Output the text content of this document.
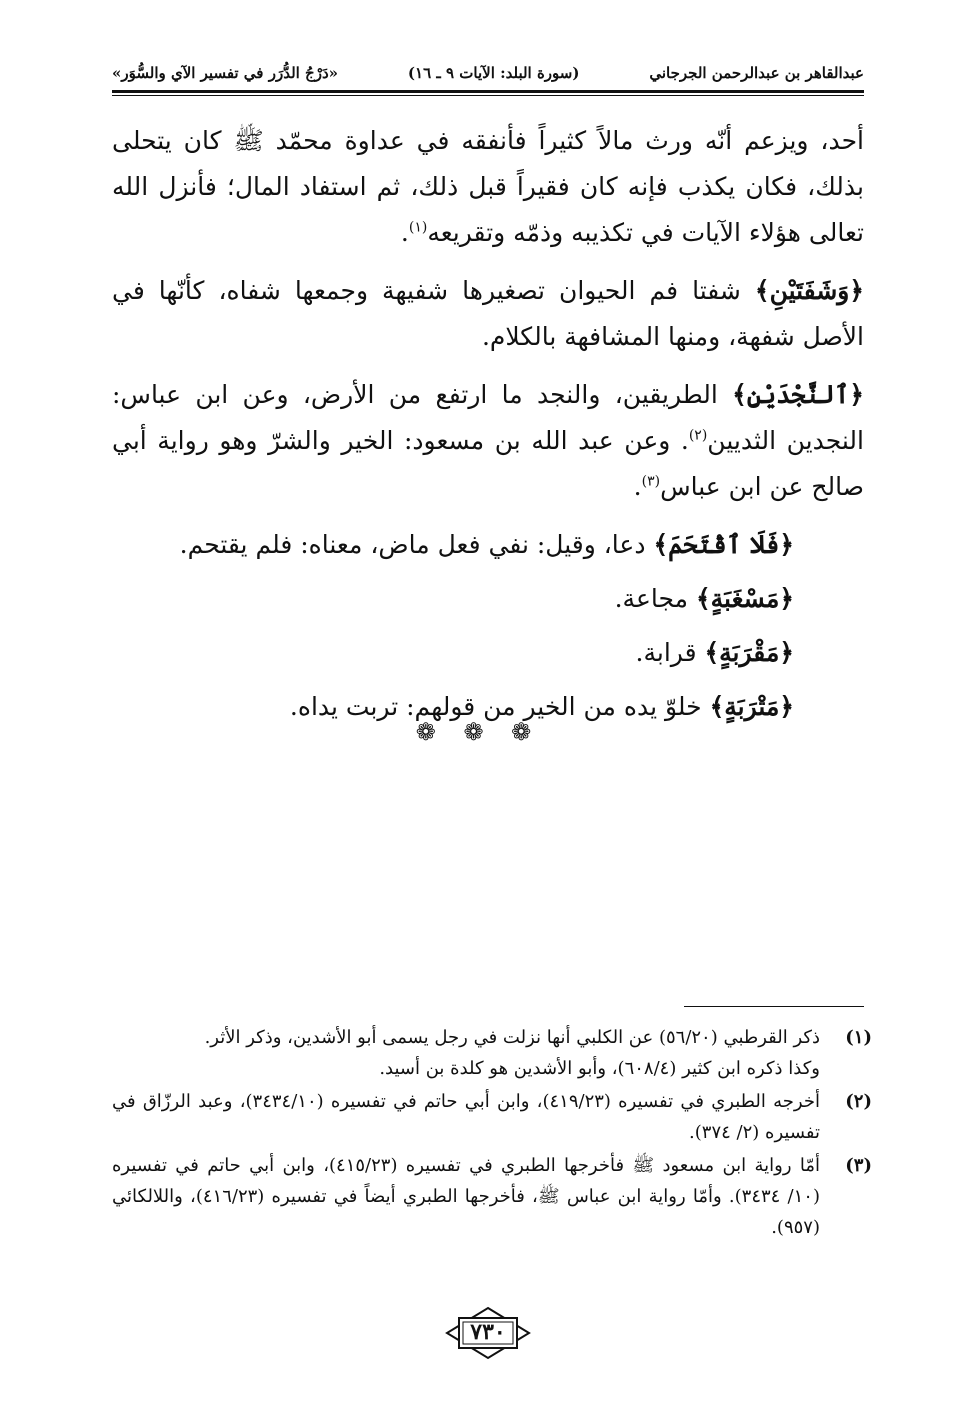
عبدالقاهر بن عبدالرحمن الجرجاني
(سورة البلد: الآيات ٩ ـ ١٦)
«دَرْجُ الدُّرَر في تفسير الآي والسُّوَر»

أحد، ويزعم أنّه ورث مالاً كثيراً فأنفقه في عداوة محمّد ﷺ كان يتحلى بذلك، فكان يكذب فإنه كان فقيراً قبل ذلك، ثم استفاد المال؛ فأنزل الله تعالى هؤلاء الآيات في تكذيبه وذمّه وتقريعه$^{(١)}$.

﴿وَشَفَتَيْنِ﴾ شفتا فم الحيوان تصغيرها شفيهة وجمعها شفاه، كأنّها في الأصل شفهة، ومنها المشافهة بالكلام.

﴿ٱلنَّجْدَيْنِ﴾ الطريقين، والنجد ما ارتفع من الأرض، وعن ابن عباس: النجدين الثديين$^{(٢)}$. وعن عبد الله بن مسعود: الخير والشرّ وهو رواية أبي صالح عن ابن عباس$^{(٣)}$.

﴿فَلَا ٱقْتَحَمَ﴾ دعا، وقيل: نفي فعل ماض، معناه: فلم يقتحم.

﴿مَسْغَبَةٍ﴾ مجاعة.

﴿مَقْرَبَةٍ﴾ قرابة.

﴿مَتْرَبَةٍ﴾ خلوّ يده من الخير من قولهم: تربت يداه.

❁ ❁ ❁
(١)
ذكر القرطبي (٥٦/٢٠) عن الكلبي أنها نزلت في رجل يسمى أبو الأشدين، وذكر الأثر.
وكذا ذكره ابن كثير (٦٠٨/٤)، وأبو الأشدين هو كلدة بن أسيد.
(٢)
أخرجه الطبري في تفسيره (٤١٩/٢٣)، وابن أبي حاتم في تفسيره (٣٤٣٤/١٠)، وعبد الرزّاق في تفسيره (٢/ ٣٧٤).
(٣)
أمّا رواية ابن مسعود ﷺ فأخرجها الطبري في تفسيره (٤١٥/٢٣)، وابن أبي حاتم في تفسيره (١٠/ ٣٤٣٤). وأمّا رواية ابن عباس ﷺ، فأخرجها الطبري أيضاً في تفسيره (٤١٦/٢٣)، واللالكائي (٩٥٧).
٧٣٠
